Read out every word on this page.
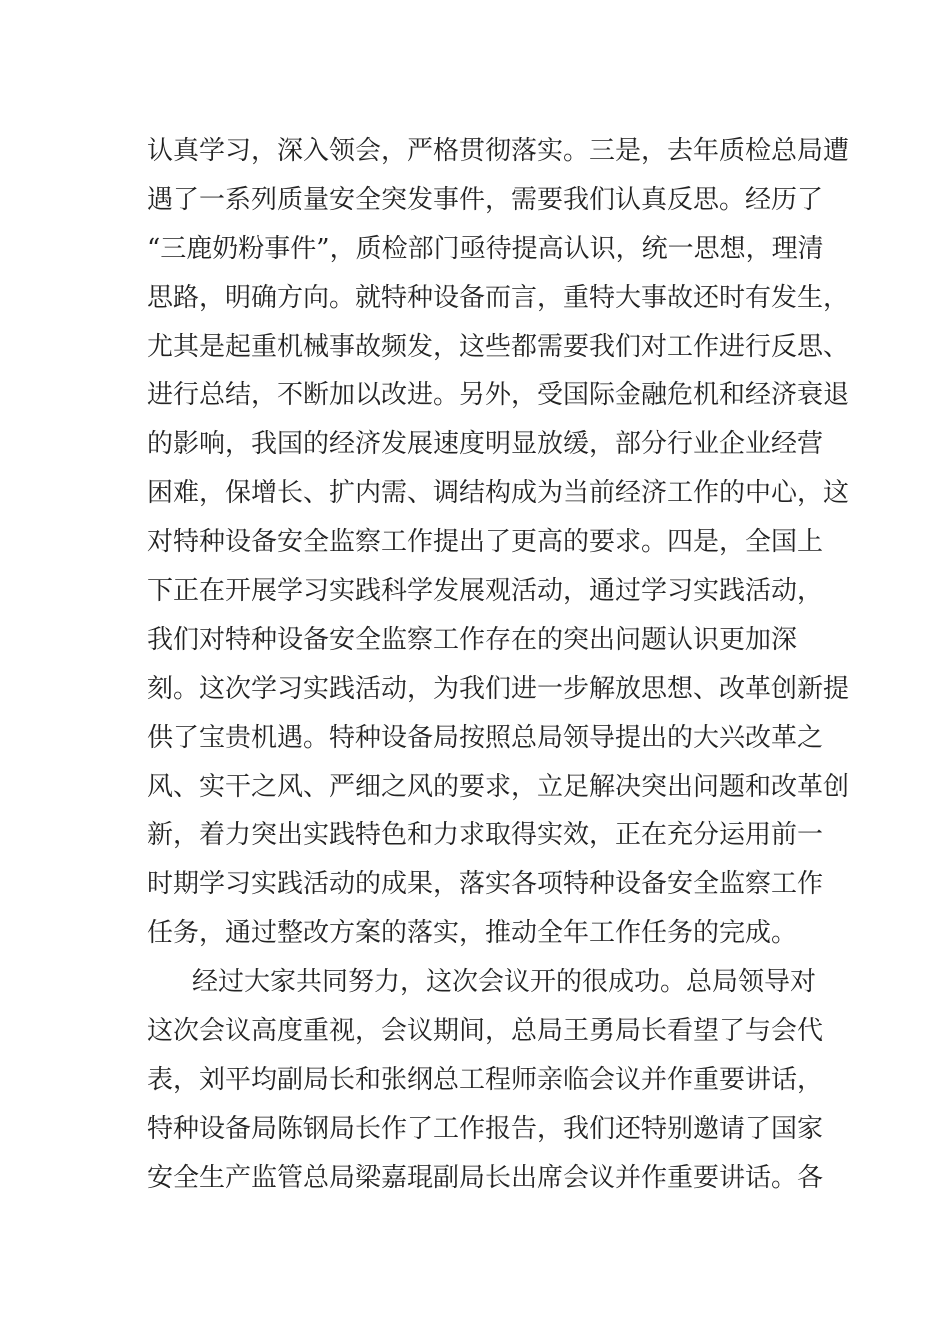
认真学习，深入领会，严格贯彻落实。三是，去年质检总局遭
遇了一系列质量安全突发事件，需要我们认真反思。经历了
“三鹿奶粉事件”，质检部门亟待提高认识，统一思想，理清
思路，明确方向。就特种设备而言，重特大事故还时有发生，
尤其是起重机械事故频发，这些都需要我们对工作进行反思、
进行总结，不断加以改进。另外，受国际金融危机和经济衰退
的影响，我国的经济发展速度明显放缓，部分行业企业经营
困难，保增长、扩内需、调结构成为当前经济工作的中心，这
对特种设备安全监察工作提出了更高的要求。四是，全国上
下正在开展学习实践科学发展观活动，通过学习实践活动，
我们对特种设备安全监察工作存在的突出问题认识更加深
刻。这次学习实践活动，为我们进一步解放思想、改革创新提
供了宝贵机遇。特种设备局按照总局领导提出的大兴改革之
风、实干之风、严细之风的要求，立足解决突出问题和改革创
新，着力突出实践特色和力求取得实效，正在充分运用前一
时期学习实践活动的成果，落实各项特种设备安全监察工作
任务，通过整改方案的落实，推动全年工作任务的完成。
经过大家共同努力，这次会议开的很成功。总局领导对
这次会议高度重视，会议期间，总局王勇局长看望了与会代
表，刘平均副局长和张纲总工程师亲临会议并作重要讲话，
特种设备局陈钢局长作了工作报告，我们还特别邀请了国家
安全生产监管总局梁嘉琨副局长出席会议并作重要讲话。各
